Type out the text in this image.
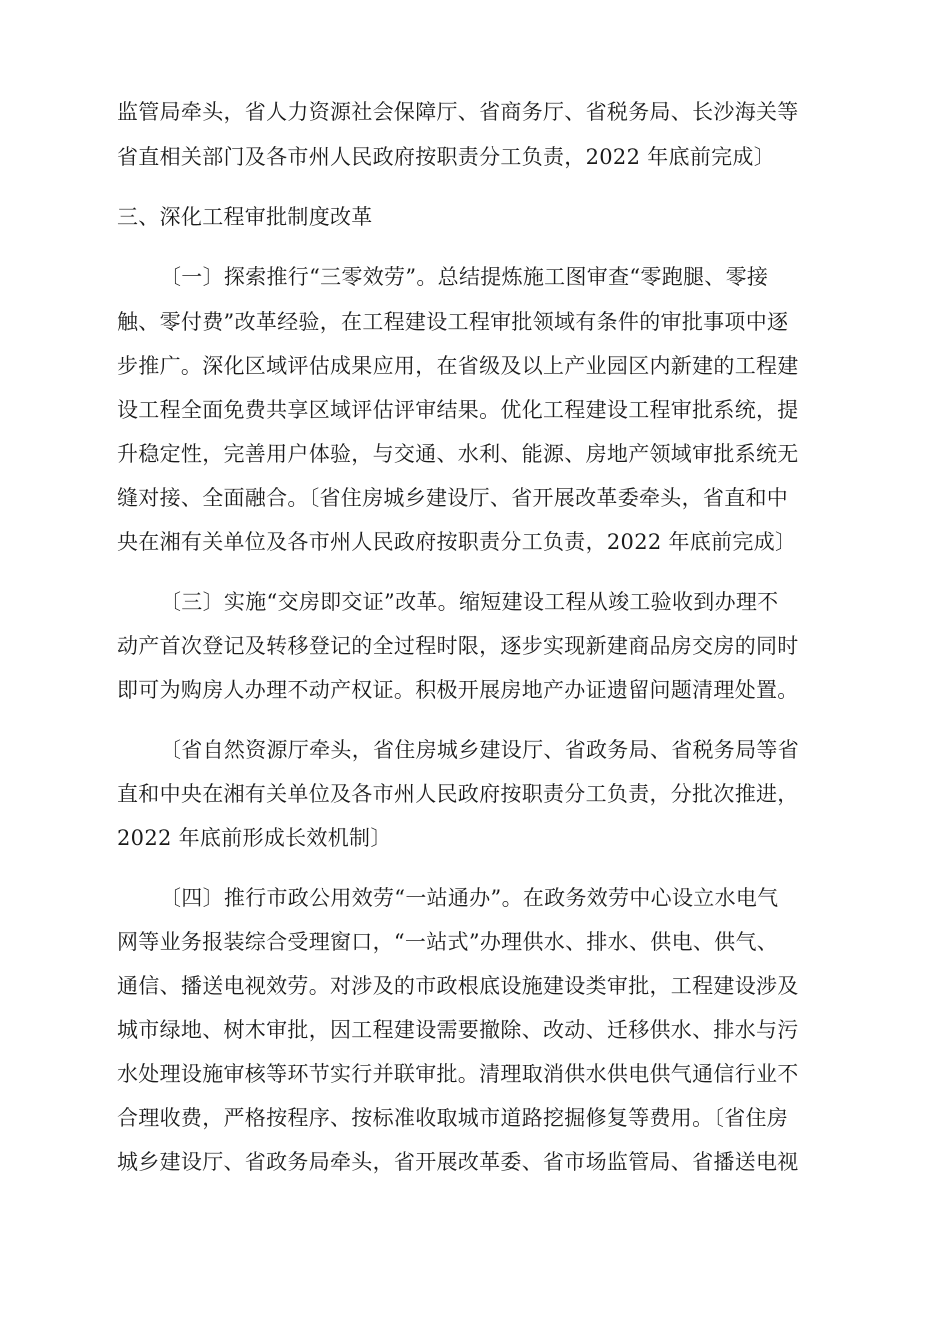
监管局牵头，省人力资源社会保障厅、省商务厅、省税务局、长沙海关等
省直相关部门及各市州人民政府按职责分工负责，2022 年底前完成〕
三、深化工程审批制度改革
〔一〕探索推行“三零效劳”。总结提炼施工图审查“零跑腿、零接
触、零付费”改革经验，在工程建设工程审批领域有条件的审批事项中逐
步推广。深化区域评估成果应用，在省级及以上产业园区内新建的工程建
设工程全面免费共享区域评估评审结果。优化工程建设工程审批系统，提
升稳定性，完善用户体验，与交通、水利、能源、房地产领域审批系统无
缝对接、全面融合。〔省住房城乡建设厅、省开展改革委牵头，省直和中
央在湘有关单位及各市州人民政府按职责分工负责，2022 年底前完成〕
〔三〕实施“交房即交证”改革。缩短建设工程从竣工验收到办理不
动产首次登记及转移登记的全过程时限，逐步实现新建商品房交房的同时
即可为购房人办理不动产权证。积极开展房地产办证遗留问题清理处置。
〔省自然资源厅牵头，省住房城乡建设厅、省政务局、省税务局等省
直和中央在湘有关单位及各市州人民政府按职责分工负责，分批次推进，
2022 年底前形成长效机制〕
〔四〕推行市政公用效劳“一站通办”。在政务效劳中心设立水电气
网等业务报装综合受理窗口，“一站式”办理供水、排水、供电、供气、
通信、播送电视效劳。对涉及的市政根底设施建设类审批，工程建设涉及
城市绿地、树木审批，因工程建设需要撤除、改动、迁移供水、排水与污
水处理设施审核等环节实行并联审批。清理取消供水供电供气通信行业不
合理收费，严格按程序、按标准收取城市道路挖掘修复等费用。〔省住房
城乡建设厅、省政务局牵头，省开展改革委、省市场监管局、省播送电视
